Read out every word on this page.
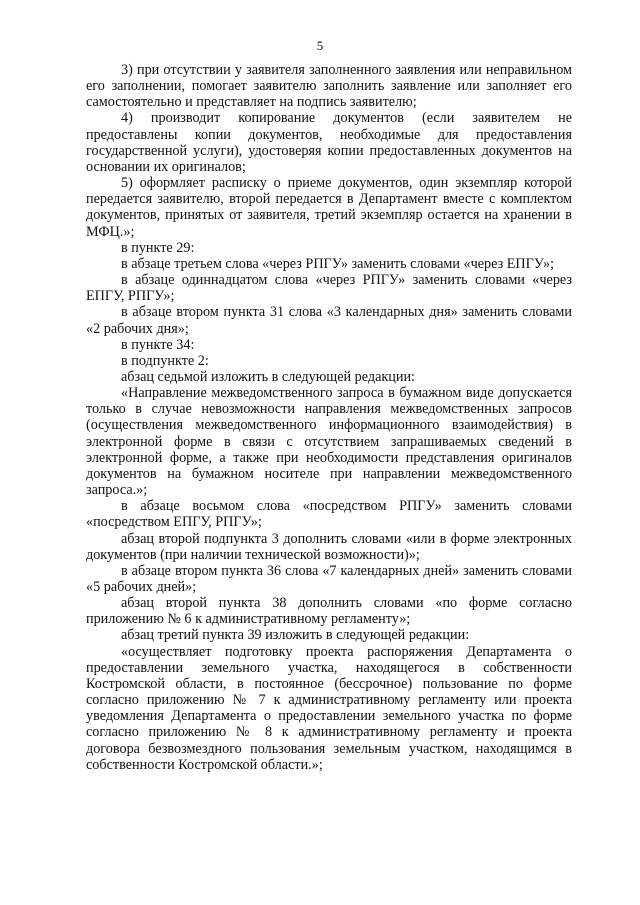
5

3) при отсутствии у заявителя заполненного заявления или неправильном его заполнении, помогает заявителю заполнить заявление или заполняет его самостоятельно и представляет на подпись заявителю;

4) производит копирование документов (если заявителем не предоставлены копии документов, необходимые для предоставления государственной услуги), удостоверяя копии предоставленных документов на основании их оригиналов;

5) оформляет расписку о приеме документов, один экземпляр которой передается заявителю, второй передается в Департамент вместе с комплектом документов, принятых от заявителя, третий экземпляр остается на хранении в МФЦ.»;

в пункте 29:

в абзаце третьем слова «через РПГУ» заменить словами «через ЕПГУ»;

в абзаце одиннадцатом слова «через РПГУ» заменить словами «через ЕПГУ, РПГУ»;

в абзаце втором пункта 31 слова «3 календарных дня» заменить словами «2 рабочих дня»;

в пункте 34:

в подпункте 2:

абзац седьмой изложить в следующей редакции:

«Направление межведомственного запроса в бумажном виде допускается только в случае невозможности направления межведомственных запросов (осуществления межведомственного информационного взаимодействия) в электронной форме в связи с отсутствием запрашиваемых сведений в электронной форме, а также при необходимости представления оригиналов документов на бумажном носителе при направлении межведомственного запроса.»;

в абзаце восьмом слова «посредством РПГУ» заменить словами «посредством ЕПГУ, РПГУ»;

абзац второй подпункта 3 дополнить словами «или в форме электронных документов (при наличии технической возможности)»;

в абзаце втором пункта 36 слова «7 календарных дней» заменить словами «5 рабочих дней»;

абзац второй пункта 38 дополнить словами «по форме согласно приложению № 6 к административному регламенту»;

абзац третий пункта 39 изложить в следующей редакции:

«осуществляет подготовку проекта распоряжения Департамента о предоставлении земельного участка, находящегося в собственности Костромской области, в постоянное (бессрочное) пользование по форме согласно приложению № 7 к административному регламенту или проекта уведомления Департамента о предоставлении земельного участка по форме согласно приложению № 8 к административному регламенту и проекта договора безвозмездного пользования земельным участком, находящимся в собственности Костромской области.»;
